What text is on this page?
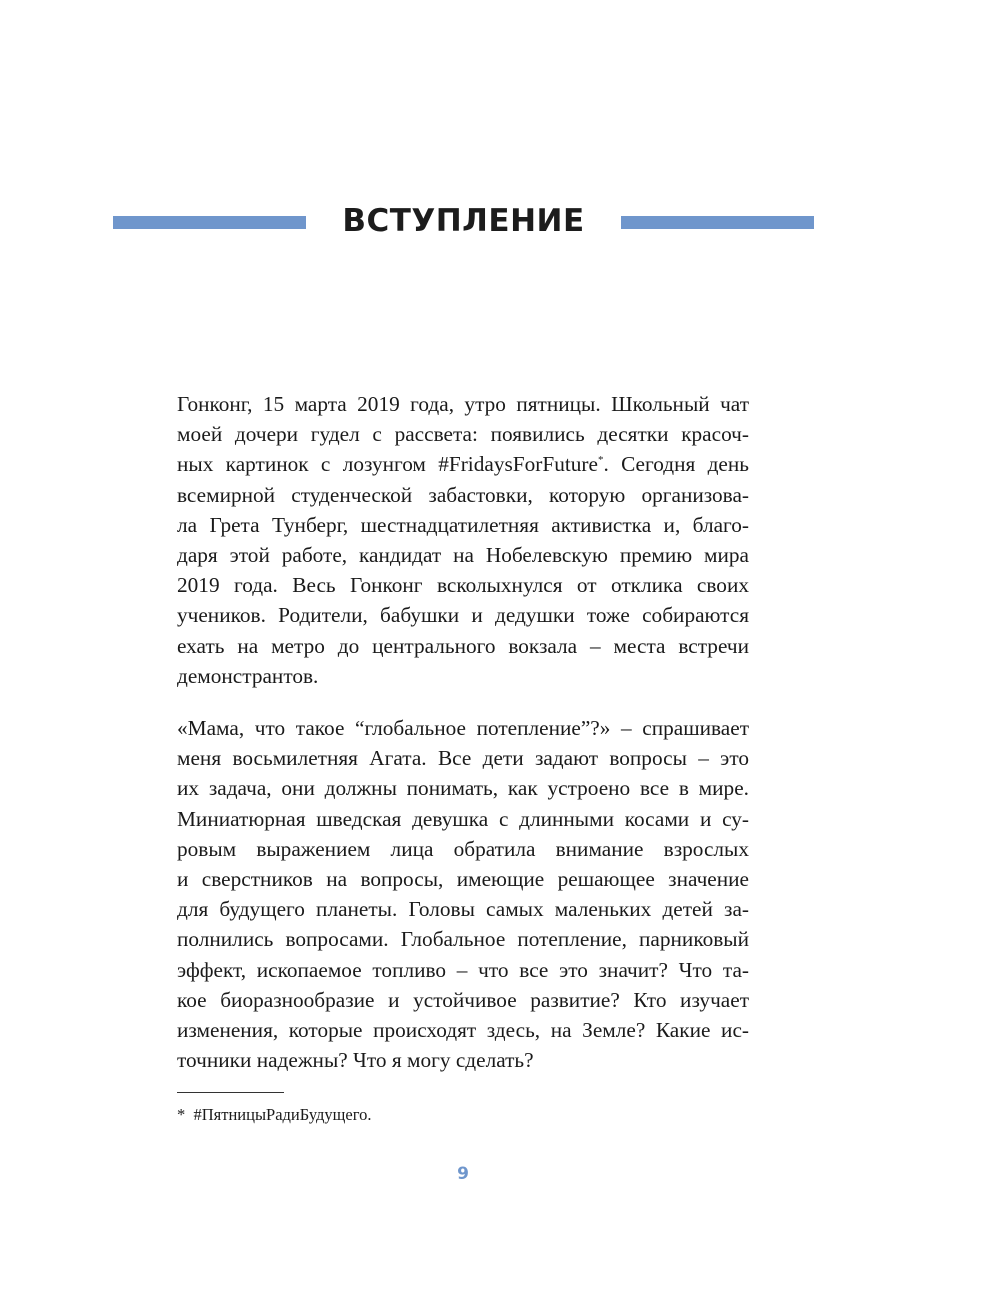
ВСТУПЛЕНИЕ

Гонконг, 15 марта 2019 года, утро пятницы. Школьный чат
моей дочери гудел с рассвета: появились десятки красоч-
ных картинок с лозунгом #FridaysForFuture*. Сегодня день
всемирной студенческой забастовки, которую организова-
ла Грета Тунберг, шестнадцатилетняя активистка и, благо-
даря этой работе, кандидат на Нобелевскую премию мира
2019 года. Весь Гонконг всколыхнулся от отклика своих
учеников. Родители, бабушки и дедушки тоже собираются
ехать на метро до центрального вокзала – места встречи
демонстрантов.

«Мама, что такое “глобальное потепление”?» – спрашивает
меня восьмилетняя Агата. Все дети задают вопросы – это
их задача, они должны понимать, как устроено все в мире.
Миниатюрная шведская девушка с длинными косами и су-
ровым выражением лица обратила внимание взрослых
и сверстников на вопросы, имеющие решающее значение
для будущего планеты. Головы самых маленьких детей за-
полнились вопросами. Глобальное потепление, парниковый
эффект, ископаемое топливо – что все это значит? Что та-
кое биоразнообразие и устойчивое развитие? Кто изучает
изменения, которые происходят здесь, на Земле? Какие ис-
точники надежны? Что я могу сделать?

* #ПятницыРадиБудущего.
9
